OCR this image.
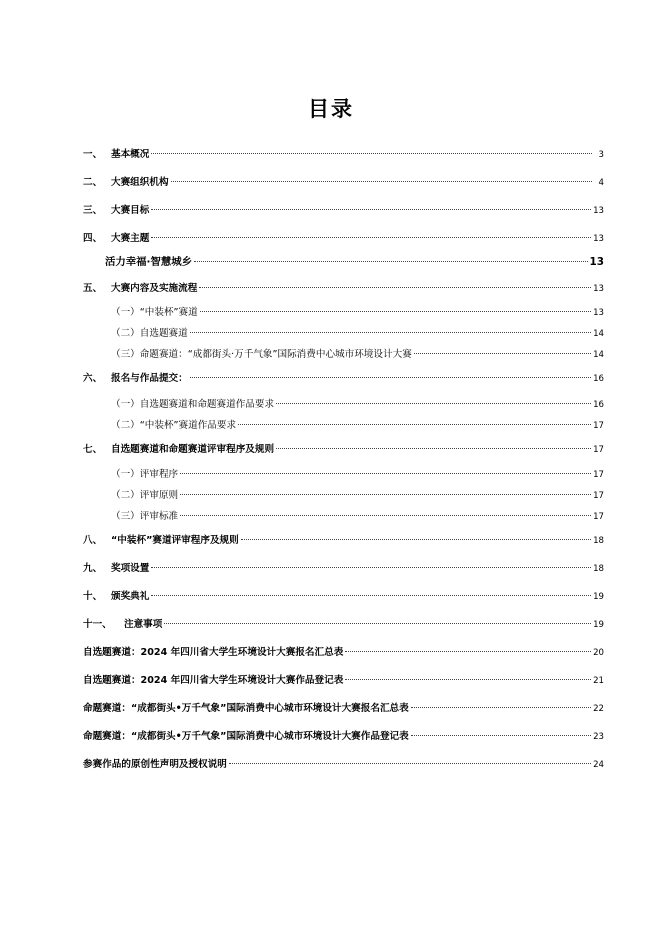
目录
一、 基本概况	3
二、 大赛组织机构	4
三、 大赛目标	13
四、 大赛主题	13
活力幸福·智慧城乡	13
五、 大赛内容及实施流程	13
（一）“中装杯”赛道	13
（二）自选题赛道	14
（三）命题赛道：“成都街头·万千气象”国际消费中心城市环境设计大赛	14
六、 报名与作品提交：	16
（一）自选题赛道和命题赛道作品要求	16
（二）“中装杯”赛道作品要求	17
七、 自选题赛道和命题赛道评审程序及规则	17
（一）评审程序	17
（二）评审原则	17
（三）评审标准	17
八、 “中装杯”赛道评审程序及规则	18
九、 奖项设置	18
十、 颁奖典礼	19
十一、 注意事项	19
自选题赛道：2024 年四川省大学生环境设计大赛报名汇总表	20
自选题赛道：2024 年四川省大学生环境设计大赛作品登记表	21
命题赛道：“成都街头•万千气象”国际消费中心城市环境设计大赛报名汇总表	22
命题赛道：“成都街头•万千气象”国际消费中心城市环境设计大赛作品登记表	23
参赛作品的原创性声明及授权说明	24
